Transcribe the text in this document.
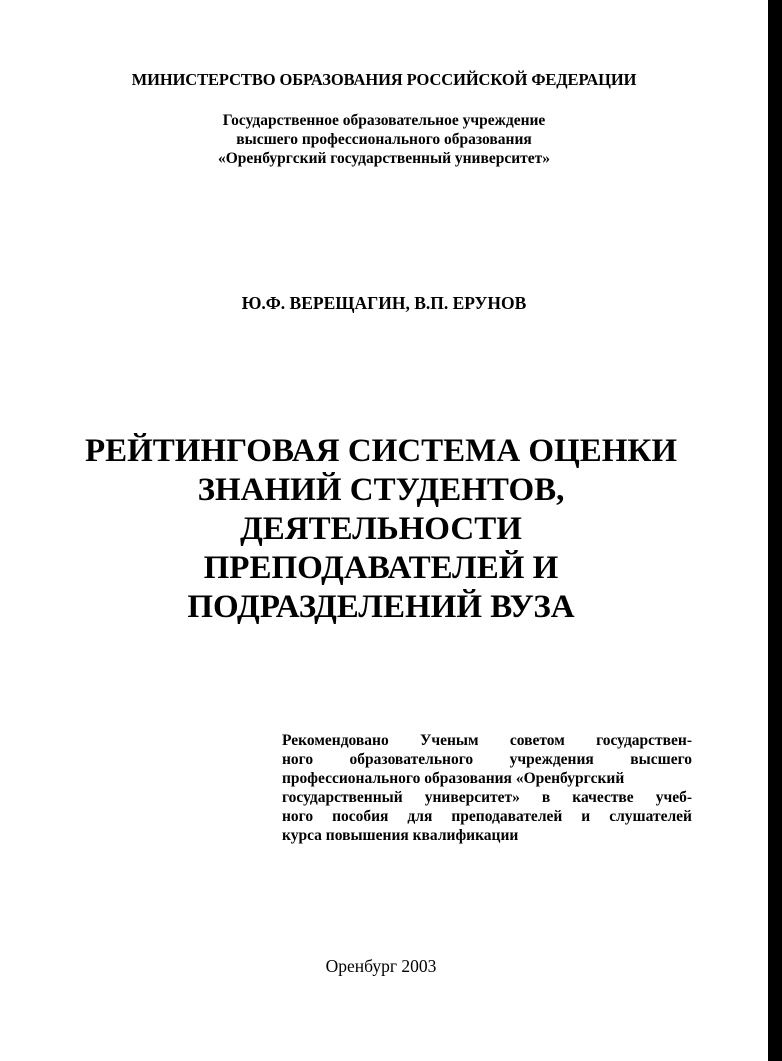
МИНИСТЕРСТВО ОБРАЗОВАНИЯ РОССИЙСКОЙ ФЕДЕРАЦИИ
Государственное образовательное учреждение
высшего профессионального образования
«Оренбургский государственный университет»
Ю.Ф. ВЕРЕЩАГИН, В.П. ЕРУНОВ
РЕЙТИНГОВАЯ СИСТЕМА ОЦЕНКИ
ЗНАНИЙ СТУДЕНТОВ,
ДЕЯТЕЛЬНОСТИ
ПРЕПОДАВАТЕЛЕЙ И
ПОДРАЗДЕЛЕНИЙ ВУЗА
Рекомендовано Ученым советом государствен-
ного образовательного учреждения высшего
профессионального образования «Оренбургский
государственный университет» в качестве учеб-
ного пособия для преподавателей и слушателей
курса повышения квалификации
Оренбург 2003
